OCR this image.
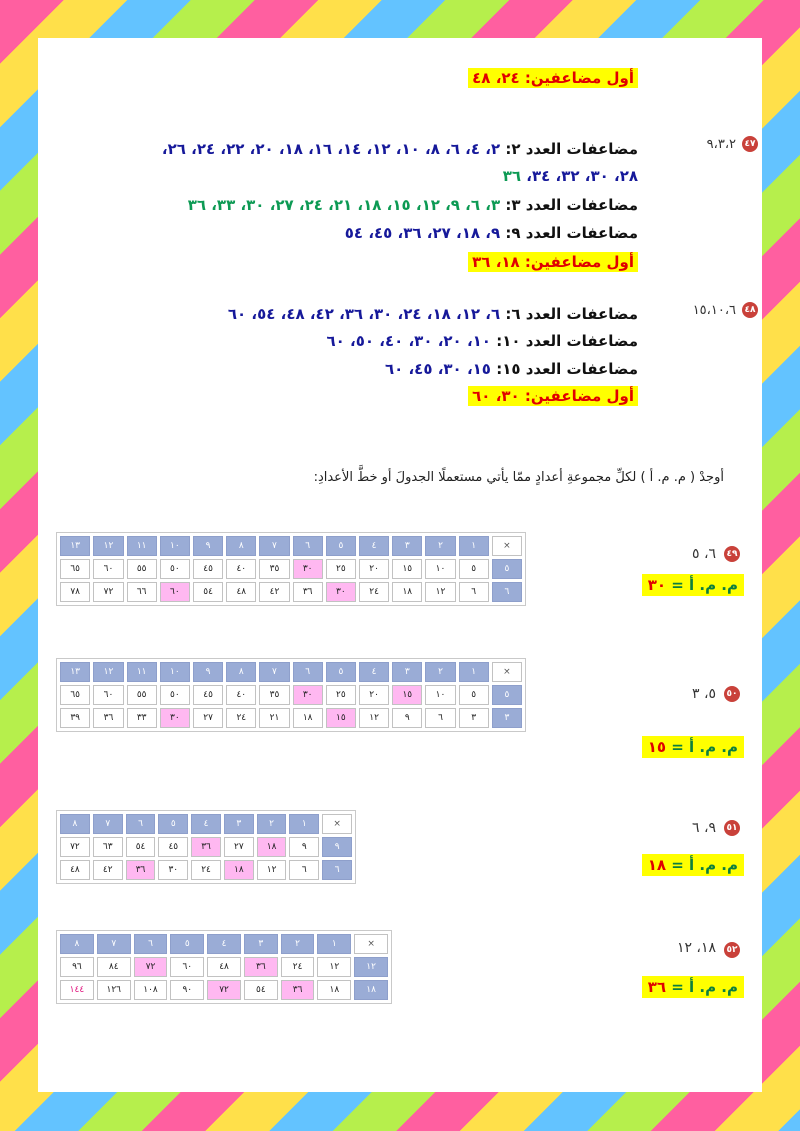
أول مضاعفين: ٢٤، ٤٨
٤٧
٩،٣،٢
مضاعفات العدد ٢: ٢، ٤، ٦، ٨، ١٠، ١٢، ١٤، ١٦، ١٨، ٢٠، ٢٢، ٢٤، ٢٦،
٢٨، ٣٠، ٣٢، ٣٤، ٣٦
مضاعفات العدد ٣: ٣، ٦، ٩، ١٢، ١٥، ١٨، ٢١، ٢٤، ٢٧، ٣٠، ٣٣، ٣٦
مضاعفات العدد ٩: ٩، ١٨، ٢٧، ٣٦، ٤٥، ٥٤
أول مضاعفين: ١٨، ٣٦
٤٨
١٥،١٠،٦
مضاعفات العدد ٦: ٦، ١٢، ١٨، ٢٤، ٣٠، ٣٦، ٤٢، ٤٨، ٥٤، ٦٠
مضاعفات العدد ١٠: ١٠، ٢٠، ٣٠، ٤٠، ٥٠، ٦٠
مضاعفات العدد ١٥: ١٥، ٣٠، ٤٥، ٦٠
أول مضاعفين: ٣٠، ٦٠
أوجدْ ( م. م. أ ) لكلِّ مجموعةِ أعدادٍ ممّا يأتي مستعملًا الجدولَ أو خطَّ الأعدادِ:
٤٩
٦، ٥
م. م. أ = ٣٠
×	١	٢	٣	٤	٥	٦	٧	٨	٩	١٠	١١	١٢	١٣
٥	٥	١٠	١٥	٢٠	٢٥	٣٠	٣٥	٤٠	٤٥	٥٠	٥٥	٦٠	٦٥
٦	٦	١٢	١٨	٢٤	٣٠	٣٦	٤٢	٤٨	٥٤	٦٠	٦٦	٧٢	٧٨
٥٠
٥، ٣
م. م. أ = ١٥
×	١	٢	٣	٤	٥	٦	٧	٨	٩	١٠	١١	١٢	١٣
٥	٥	١٠	١٥	٢٠	٢٥	٣٠	٣٥	٤٠	٤٥	٥٠	٥٥	٦٠	٦٥
٣	٣	٦	٩	١٢	١٥	١٨	٢١	٢٤	٢٧	٣٠	٣٣	٣٦	٣٩
٥١
٩، ٦
م. م. أ = ١٨
×	١	٢	٣	٤	٥	٦	٧	٨
٩	٩	١٨	٢٧	٣٦	٤٥	٥٤	٦٣	٧٢
٦	٦	١٢	١٨	٢٤	٣٠	٣٦	٤٢	٤٨
٥٢
١٨، ١٢
م. م. أ = ٣٦
×	١	٢	٣	٤	٥	٦	٧	٨
١٢	١٢	٢٤	٣٦	٤٨	٦٠	٧٢	٨٤	٩٦
١٨	١٨	٣٦	٥٤	٧٢	٩٠	١٠٨	١٢٦	١٤٤
